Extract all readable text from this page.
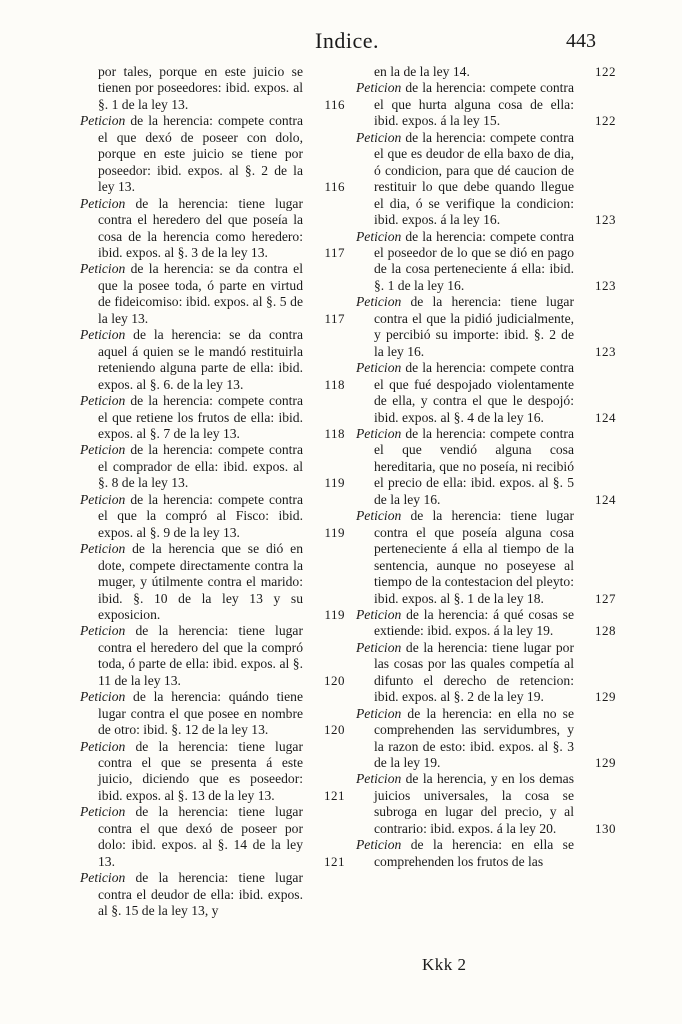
Indice.	443
por tales, porque en este juicio se tienen por poseedores: ibid. expos. al §. 1 de la ley 13.	116
Peticion de la herencia: compete contra el que dexó de poseer con dolo, porque en este juicio se tiene por poseedor: ibid. expos. al §. 2 de la ley 13.	116
Peticion de la herencia: tiene lugar contra el heredero del que poseía la cosa de la herencia como heredero: ibid. expos. al §. 3 de la ley 13.	117
Peticion de la herencia: se da contra el que la posee toda, ó parte en virtud de fideicomiso: ibid. expos. al §. 5 de la ley 13.	117
Peticion de la herencia: se da contra aquel á quien se le mandó restituirla reteniendo alguna parte de ella: ibid. expos. al §. 6. de la ley 13.	118
Peticion de la herencia: compete contra el que retiene los frutos de ella: ibid. expos. al §. 7 de la ley 13.	118
Peticion de la herencia: compete contra el comprador de ella: ibid. expos. al §. 8 de la ley 13.	119
Peticion de la herencia: compete contra el que la compró al Fisco: ibid. expos. al §. 9 de la ley 13.	119
Peticion de la herencia que se dió en dote, compete directamente contra la muger, y útilmente contra el marido: ibid. §. 10 de la ley 13 y su exposicion.	119
Peticion de la herencia: tiene lugar contra el heredero del que la compró toda, ó parte de ella: ibid. expos. al §. 11 de la ley 13.	120
Peticion de la herencia: quándo tiene lugar contra el que posee en nombre de otro: ibid. §. 12 de la ley 13.	120
Peticion de la herencia: tiene lugar contra el que se presenta á este juicio, diciendo que es poseedor: ibid. expos. al §. 13 de la ley 13.	121
Peticion de la herencia: tiene lugar contra el que dexó de poseer por dolo: ibid. expos. al §. 14 de la ley 13.	121
Peticion de la herencia: tiene lugar contra el deudor de ella: ibid. expos. al §. 15 de la ley 13, y
en la de la ley 14.	122
Peticion de la herencia: compete contra el que hurta alguna cosa de ella: ibid. expos. á la ley 15.	122
Peticion de la herencia: compete contra el que es deudor de ella baxo de dia, ó condicion, para que dé caucion de restituir lo que debe quando llegue el dia, ó se verifique la condicion: ibid. expos. á la ley 16.	123
Peticion de la herencia: compete contra el poseedor de lo que se dió en pago de la cosa perteneciente á ella: ibid. §. 1 de la ley 16.	123
Peticion de la herencia: tiene lugar contra el que la pidió judicialmente, y percibió su importe: ibid. §. 2 de la ley 16.	123
Peticion de la herencia: compete contra el que fué despojado violentamente de ella, y contra el que le despojó: ibid. expos. al §. 4 de la ley 16.	124
Peticion de la herencia: compete contra el que vendió alguna cosa hereditaria, que no poseía, ni recibió el precio de ella: ibid. expos. al §. 5 de la ley 16.	124
Peticion de la herencia: tiene lugar contra el que poseía alguna cosa perteneciente á ella al tiempo de la sentencia, aunque no poseyese al tiempo de la contestacion del pleyto: ibid. expos. al §. 1 de la ley 18.	127
Peticion de la herencia: á qué cosas se extiende: ibid. expos. á la ley 19.	128
Peticion de la herencia: tiene lugar por las cosas por las quales competía al difunto el derecho de retencion: ibid. expos. al §. 2 de la ley 19.	129
Peticion de la herencia: en ella no se comprehenden las servidumbres, y la razon de esto: ibid. expos. al §. 3 de la ley 19.	129
Peticion de la herencia, y en los demas juicios universales, la cosa se subroga en lugar del precio, y al contrario: ibid. expos. á la ley 20.	130
Peticion de la herencia: en ella se comprehenden los frutos de las
Kkk 2
